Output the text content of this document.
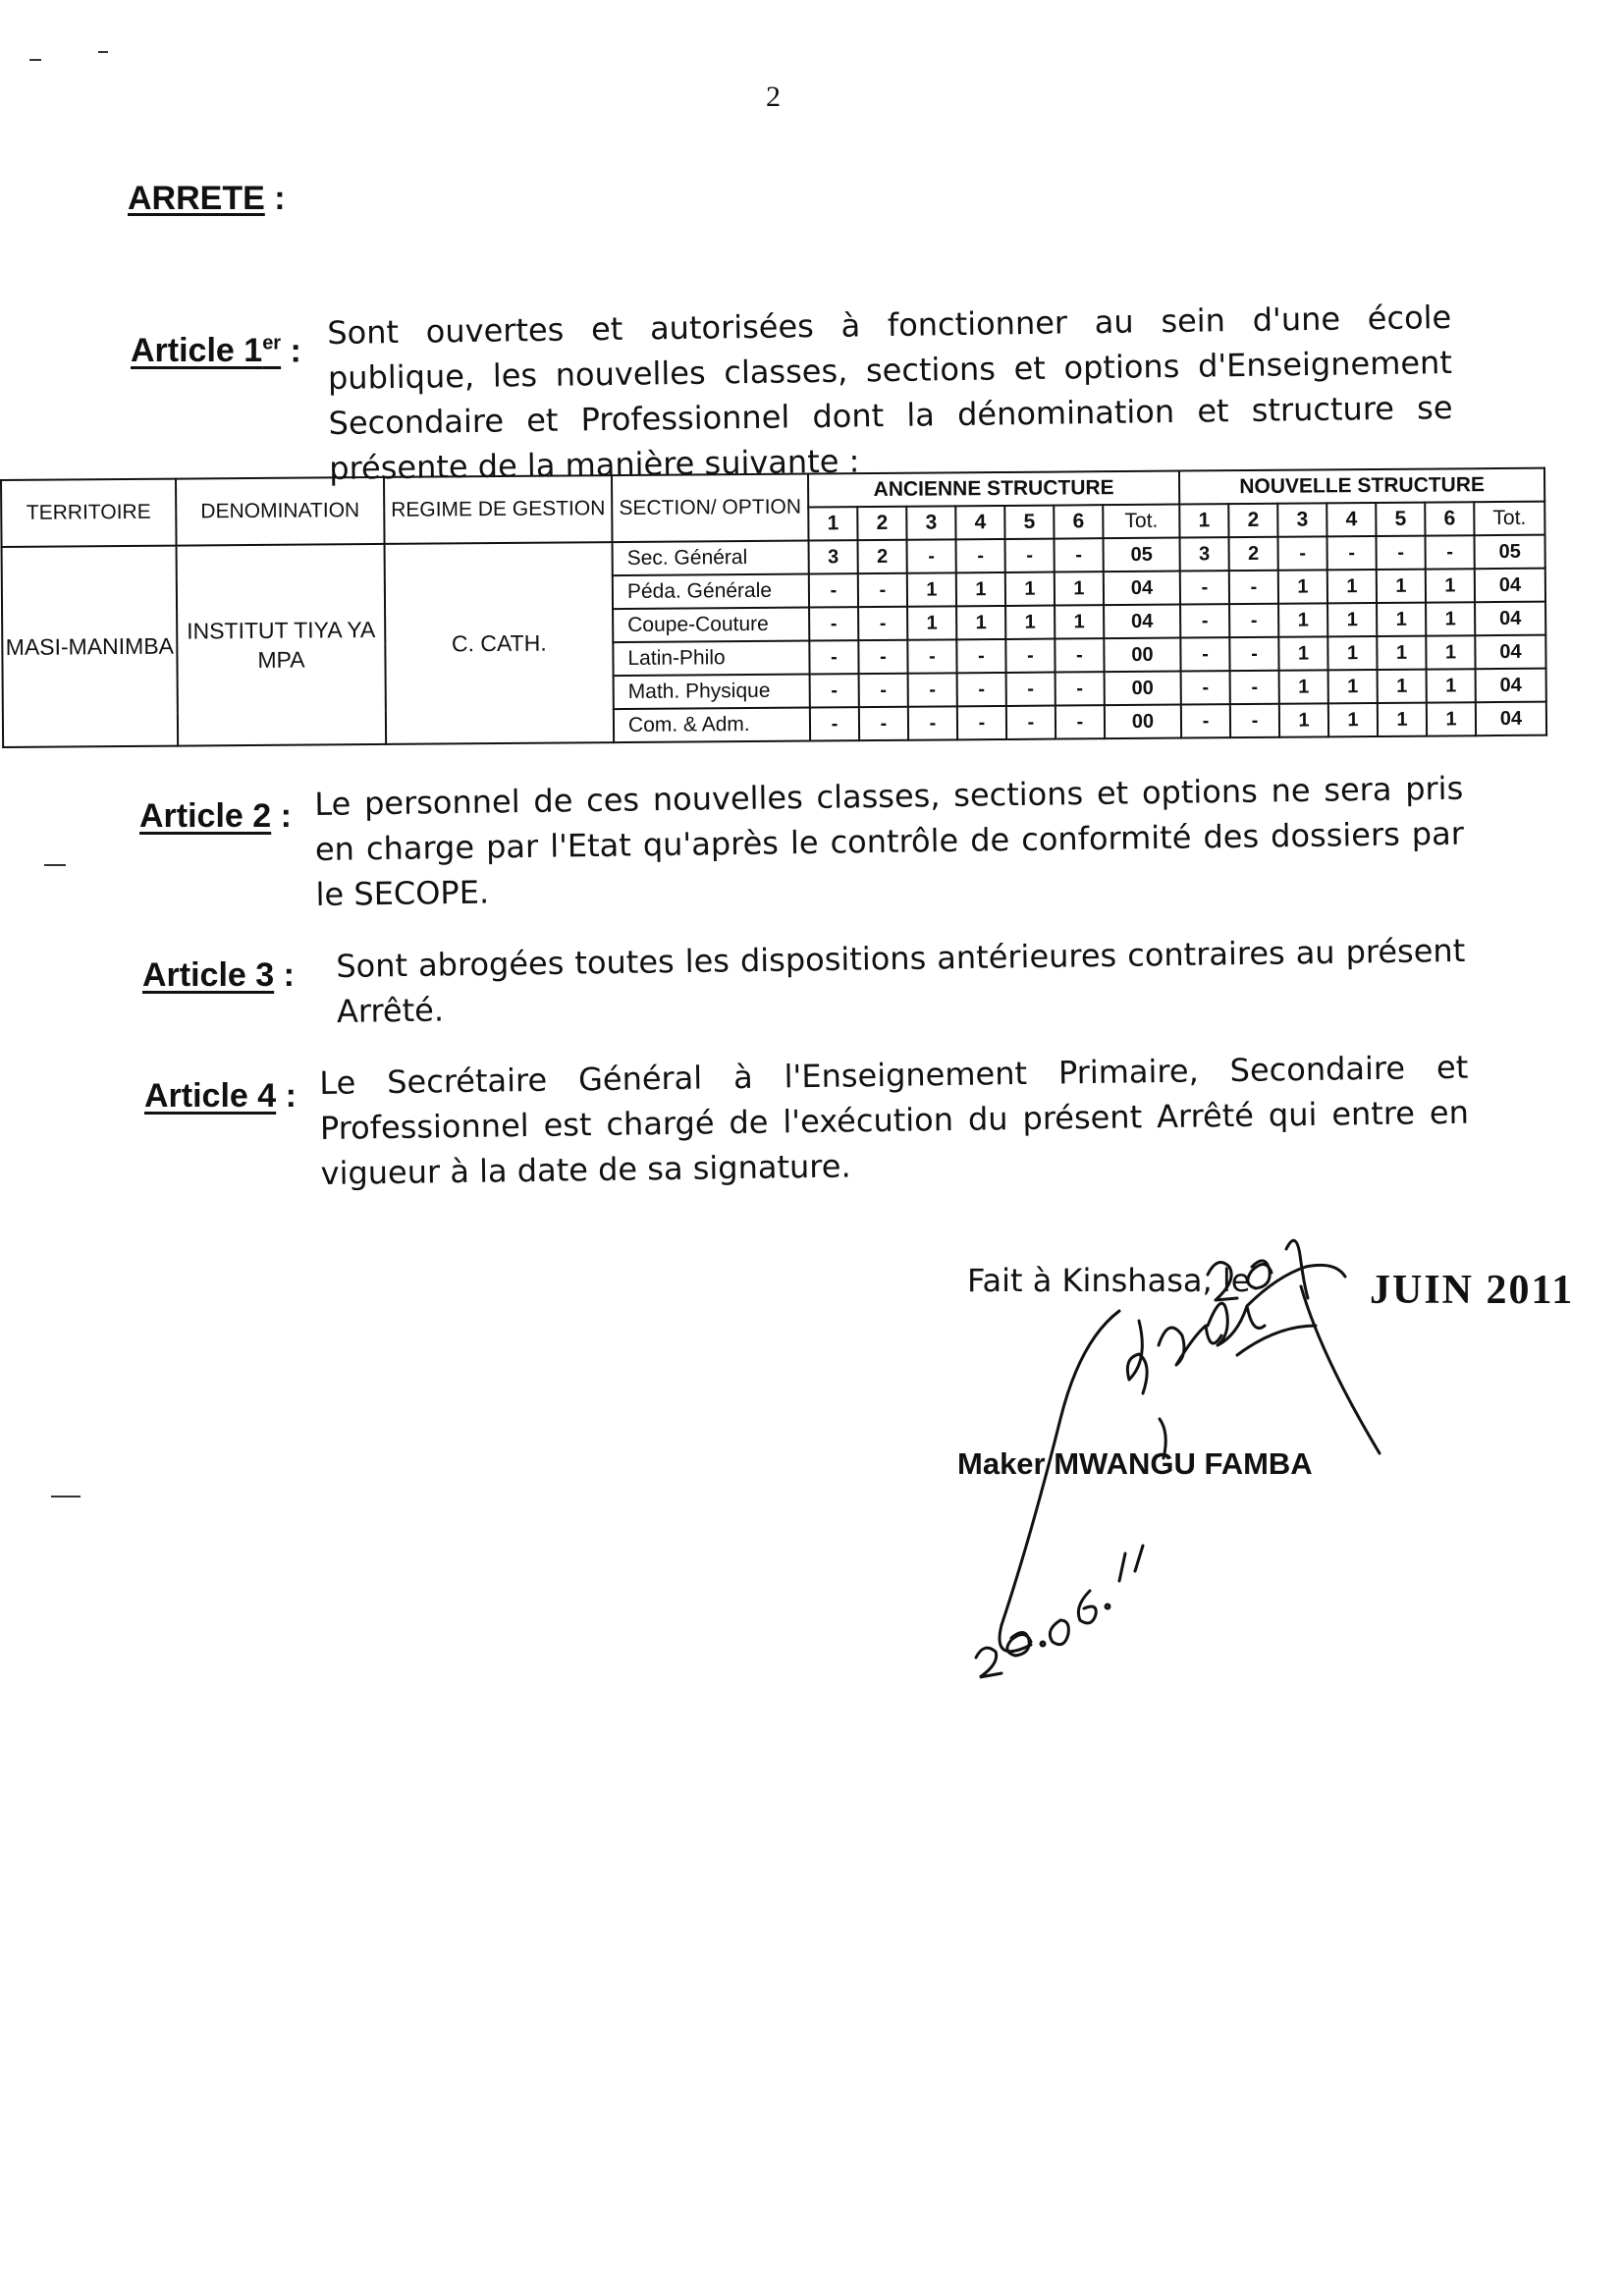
2
ARRETE :
Article 1er : Sont ouvertes et autorisées à fonctionner au sein d'une école publique, les nouvelles classes, sections et options d'Enseignement Secondaire et Professionnel dont la dénomination et structure se présente de la manière suivante :
TERRITOIRE	DENOMINATION	REGIME DE GESTION	SECTION/ OPTION	ANCIENNE STRUCTURE							NOUVELLE STRUCTURE						
				1	2	3	4	5	6	Tot.	1	2	3	4	5	6	Tot.
MASI-MANIMBA	INSTITUT TIYA YA MPA	C. CATH.	Sec. Général	3	2	-	-	-	-	05	3	2	-	-	-	-	05
			Péda. Générale	-	-	1	1	1	1	04	-	-	1	1	1	1	04
			Coupe-Couture	-	-	1	1	1	1	04	-	-	1	1	1	1	04
			Latin-Philo	-	-	-	-	-	-	00	-	-	1	1	1	1	04
			Math. Physique	-	-	-	-	-	-	00	-	-	1	1	1	1	04
			Com. & Adm.	-	-	-	-	-	-	00	-	-	1	1	1	1	04
Article 2 : Le personnel de ces nouvelles classes, sections et options ne sera pris en charge par l'Etat qu'après le contrôle de conformité des dossiers par le SECOPE.
Article 3 : Sont abrogées toutes les dispositions antérieures contraires au présent Arrêté.
Article 4 : Le Secrétaire Général à l'Enseignement Primaire, Secondaire et Professionnel est chargé de l'exécution du présent Arrêté qui entre en vigueur à la date de sa signature.
Fait à Kinshasa, le	JUIN 2011
Maker MWANGU FAMBA
